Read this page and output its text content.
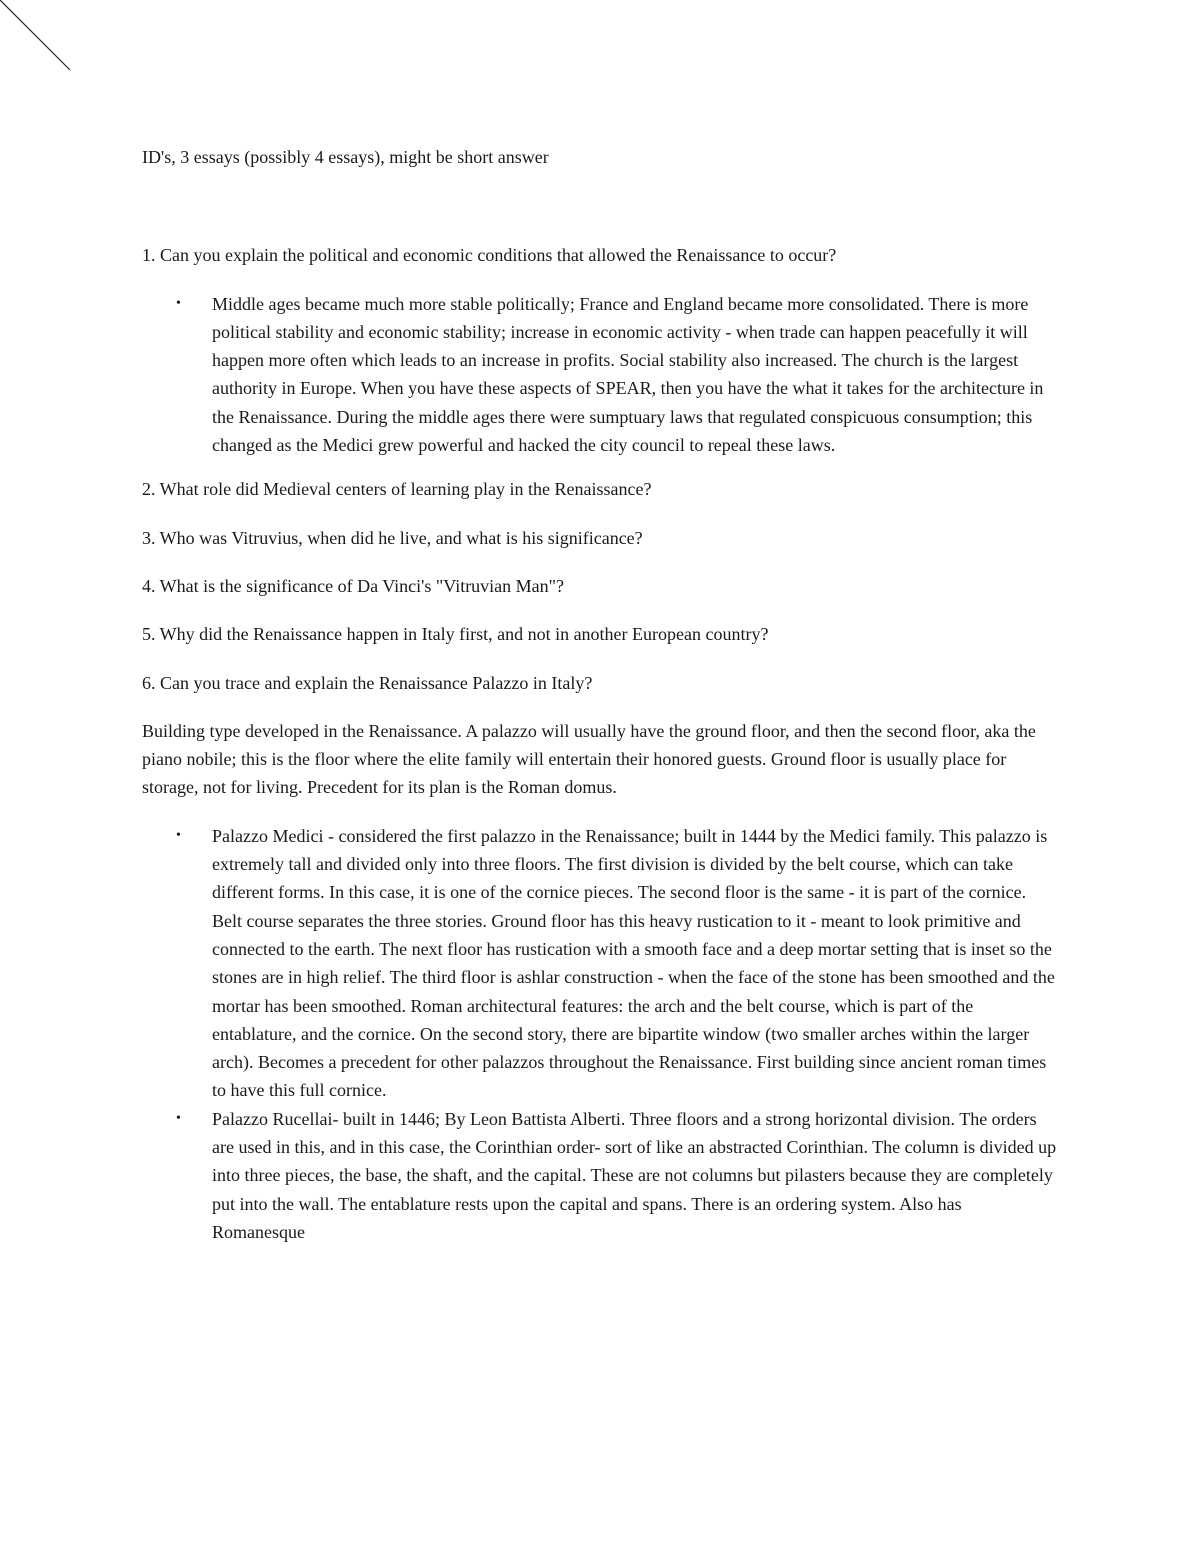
ID's, 3 essays (possibly 4 essays), might be short answer

1. Can you explain the political and economic conditions that allowed the Renaissance to occur?

• Middle ages became much more stable politically; France and England became more consolidated. There is more political stability and economic stability; increase in economic activity - when trade can happen peacefully it will happen more often which leads to an increase in profits. Social stability also increased. The church is the largest authority in Europe. When you have these aspects of SPEAR, then you have the what it takes for the architecture in the Renaissance. During the middle ages there were sumptuary laws that regulated conspicuous consumption; this changed as the Medici grew powerful and hacked the city council to repeal these laws.

2. What role did Medieval centers of learning play in the Renaissance?

3. Who was Vitruvius, when did he live, and what is his significance?

4. What is the significance of Da Vinci's "Vitruvian Man"?

5. Why did the Renaissance happen in Italy first, and not in another European country?

6. Can you trace and explain the Renaissance Palazzo in Italy?

Building type developed in the Renaissance. A palazzo will usually have the ground floor, and then the second floor, aka the piano nobile; this is the floor where the elite family will entertain their honored guests. Ground floor is usually place for storage, not for living. Precedent for its plan is the Roman domus.

• Palazzo Medici - considered the first palazzo in the Renaissance; built in 1444 by the Medici family. This palazzo is extremely tall and divided only into three floors. The first division is divided by the belt course, which can take different forms. In this case, it is one of the cornice pieces. The second floor is the same - it is part of the cornice. Belt course separates the three stories. Ground floor has this heavy rustication to it - meant to look primitive and connected to the earth. The next floor has rustication with a smooth face and a deep mortar setting that is inset so the stones are in high relief. The third floor is ashlar construction - when the face of the stone has been smoothed and the mortar has been smoothed. Roman architectural features: the arch and the belt course, which is part of the entablature, and the cornice. On the second story, there are bipartite window (two smaller arches within the larger arch). Becomes a precedent for other palazzos throughout the Renaissance. First building since ancient roman times to have this full cornice.
• Palazzo Rucellai- built in 1446; By Leon Battista Alberti. Three floors and a strong horizontal division. The orders are used in this, and in this case, the Corinthian order- sort of like an abstracted Corinthian. The column is divided up into three pieces, the base, the shaft, and the capital. These are not columns but pilasters because they are completely put into the wall. The entablature rests upon the capital and spans. There is an ordering system. Also has Romanesque
